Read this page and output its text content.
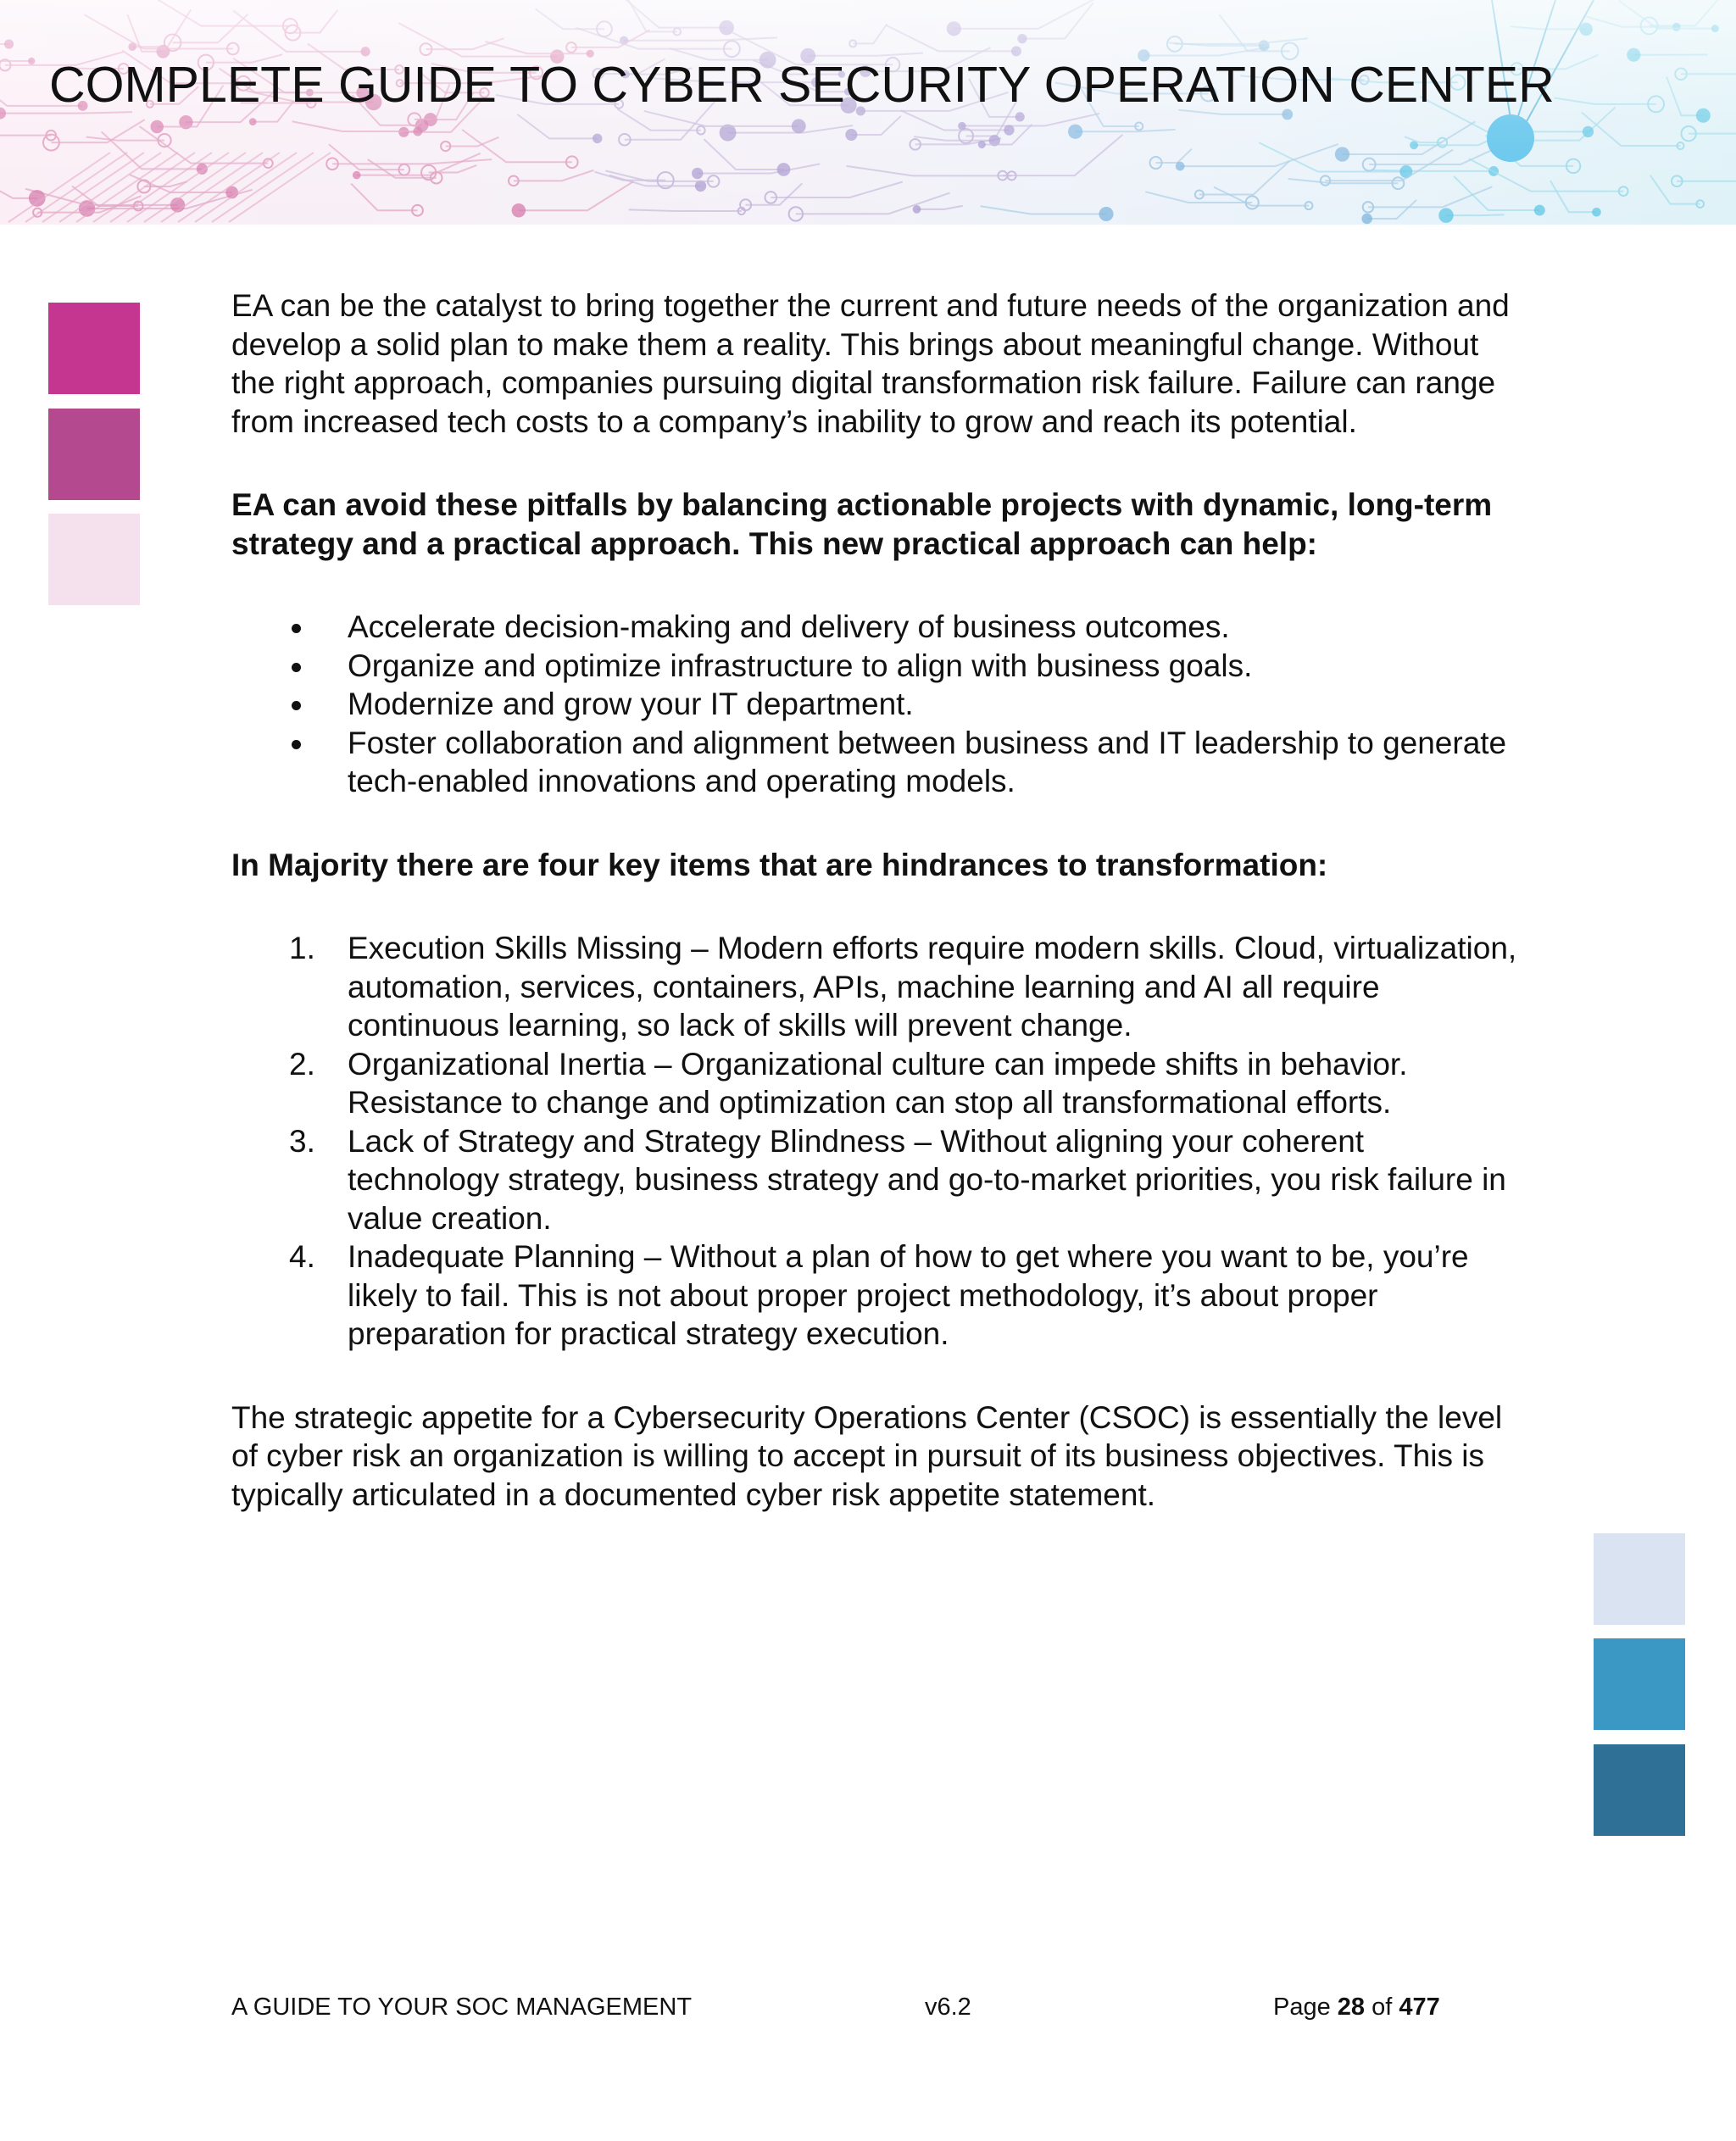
COMPLETE GUIDE TO CYBER SECURITY OPERATION CENTER

EA can be the catalyst to bring together the current and future needs of the organization and develop a solid plan to make them a reality. This brings about meaningful change. Without the right approach, companies pursuing digital transformation risk failure. Failure can range from increased tech costs to a company’s inability to grow and reach its potential.

EA can avoid these pitfalls by balancing actionable projects with dynamic, long-term strategy and a practical approach. This new practical approach can help:

Accelerate decision-making and delivery of business outcomes.
Organize and optimize infrastructure to align with business goals.
Modernize and grow your IT department.
Foster collaboration and alignment between business and IT leadership to generate tech-enabled innovations and operating models.

In Majority there are four key items that are hindrances to transformation:

1. Execution Skills Missing – Modern efforts require modern skills. Cloud, virtualization, automation, services, containers, APIs, machine learning and AI all require continuous learning, so lack of skills will prevent change.
2. Organizational Inertia – Organizational culture can impede shifts in behavior. Resistance to change and optimization can stop all transformational efforts.
3. Lack of Strategy and Strategy Blindness – Without aligning your coherent technology strategy, business strategy and go-to-market priorities, you risk failure in value creation.
4. Inadequate Planning – Without a plan of how to get where you want to be, you’re likely to fail. This is not about proper project methodology, it’s about proper preparation for practical strategy execution.

The strategic appetite for a Cybersecurity Operations Center (CSOC) is essentially the level of cyber risk an organization is willing to accept in pursuit of its business objectives. This is typically articulated in a documented cyber risk appetite statement.

A GUIDE TO YOUR SOC MANAGEMENT	v6.2	Page 28 of 477
